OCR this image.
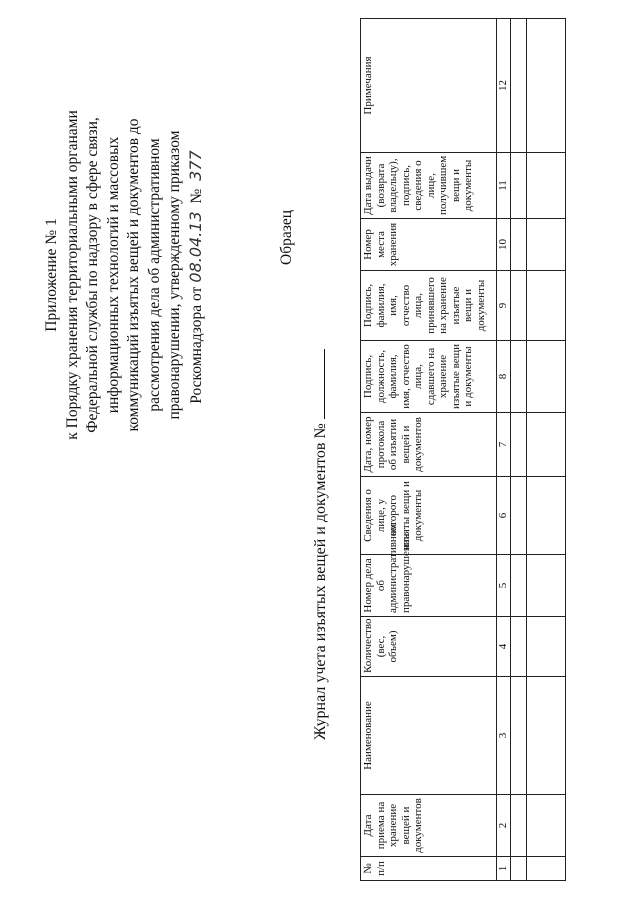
Приложение № 1 к Порядку хранения территориальными органами Федеральной службы по надзору в сфере связи, информационных технологий и массовых коммуникаций изъятых вещей и документов до рассмотрения дела об административном правонарушении, утвержденному приказом Роскомнадзора от08.04.13 № 377
Образец
Журнал учета изъятых вещей и документов №
№ п/п	Дата приема на хранение вещей и документов	Наименование	Количество (вес, объем)	Номер дела об административном правонарушении	Сведения о лице, у которого изъяты вещи и документы	Дата, номер протокола об изъятии вещей и документов	Подпись, должность, фамилия, имя, отчество лица, сдавшего на хранение изъятые вещи и документы	Подпись, фамилия, имя, отчество лица, принявшего на хранение изъятые вещи и документы	Номер места хранения	Дата выдачи (возврата владельцу), подпись, сведения о лице, получившем вещи и документы	Примечания
1	2	3	4	5	6	7	8	9	10	11	12
